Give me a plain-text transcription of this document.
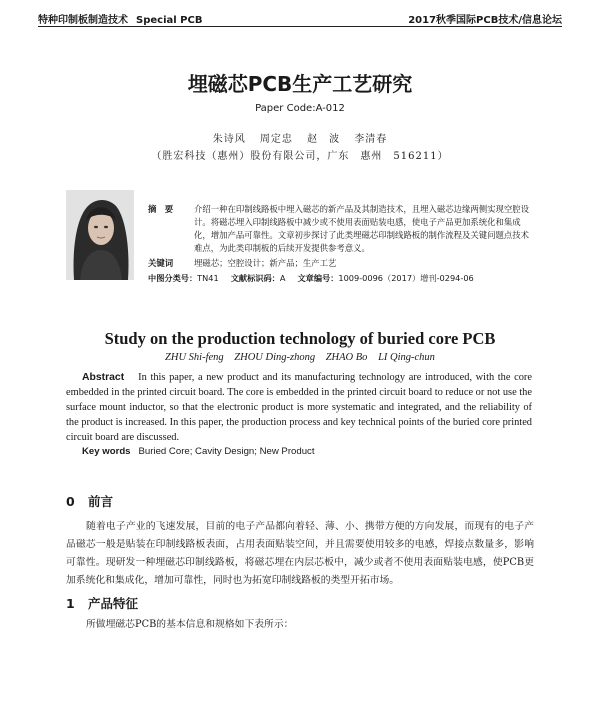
特种印制板制造技术 Special PCB	2017秋季国际PCB技术/信息论坛
埋磁芯PCB生产工艺研究
Paper Code:A-012
朱诗风 周定忠 赵　波 李清春
（胜宏科技（惠州）股份有限公司，广东　惠州　516211）
摘　要 介绍一种在印制线路板中埋入磁芯的新产品及其制造技术，且埋入磁芯边缘两侧实现空腔设计。将磁芯埋入印制线路板中减少或不使用表面贴装电感，使电子产品更加系统化和集成化，增加产品可靠性。文章初步探讨了此类埋磁芯印制线路板的制作流程及关键问题点技术难点，为此类印制板的后续开发提供参考意义。
关键词 埋磁芯；空腔设计；新产品；生产工艺
中图分类号：TN41 文献标识码：A 文章编号：1009-0096（2017）增刊-0294-06
Study on the production technology of buried core PCB
ZHU Shi-feng ZHOU Ding-zhong ZHAO Bo LI Qing-chun
Abstract In this paper, a new product and its manufacturing technology are introduced, with the core embedded in the printed circuit board. The core is embedded in the printed circuit board to reduce or not use the surface mount inductor, so that the electronic product is more systematic and integrated, and the reliability of the product is increased. In this paper, the production process and key technical points of the buried core printed circuit board are discussed.
Key words Buried Core; Cavity Design; New Product
0 前言
随着电子产业的飞速发展，目前的电子产品都向着轻、薄、小、携带方便的方向发展，而现有的电子产品磁芯一般是贴装在印制线路板表面，占用表面贴装空间，并且需要使用较多的电感，焊接点数量多，影响可靠性。现研发一种埋磁芯印制线路板，将磁芯埋在内层芯板中，减少或者不使用表面贴装电感，使PCB更加系统化和集成化，增加可靠性，同时也为拓宽印制线路板的类型开拓市场。
1 产品特征
所做埋磁芯PCB的基本信息和规格如下表所示：
